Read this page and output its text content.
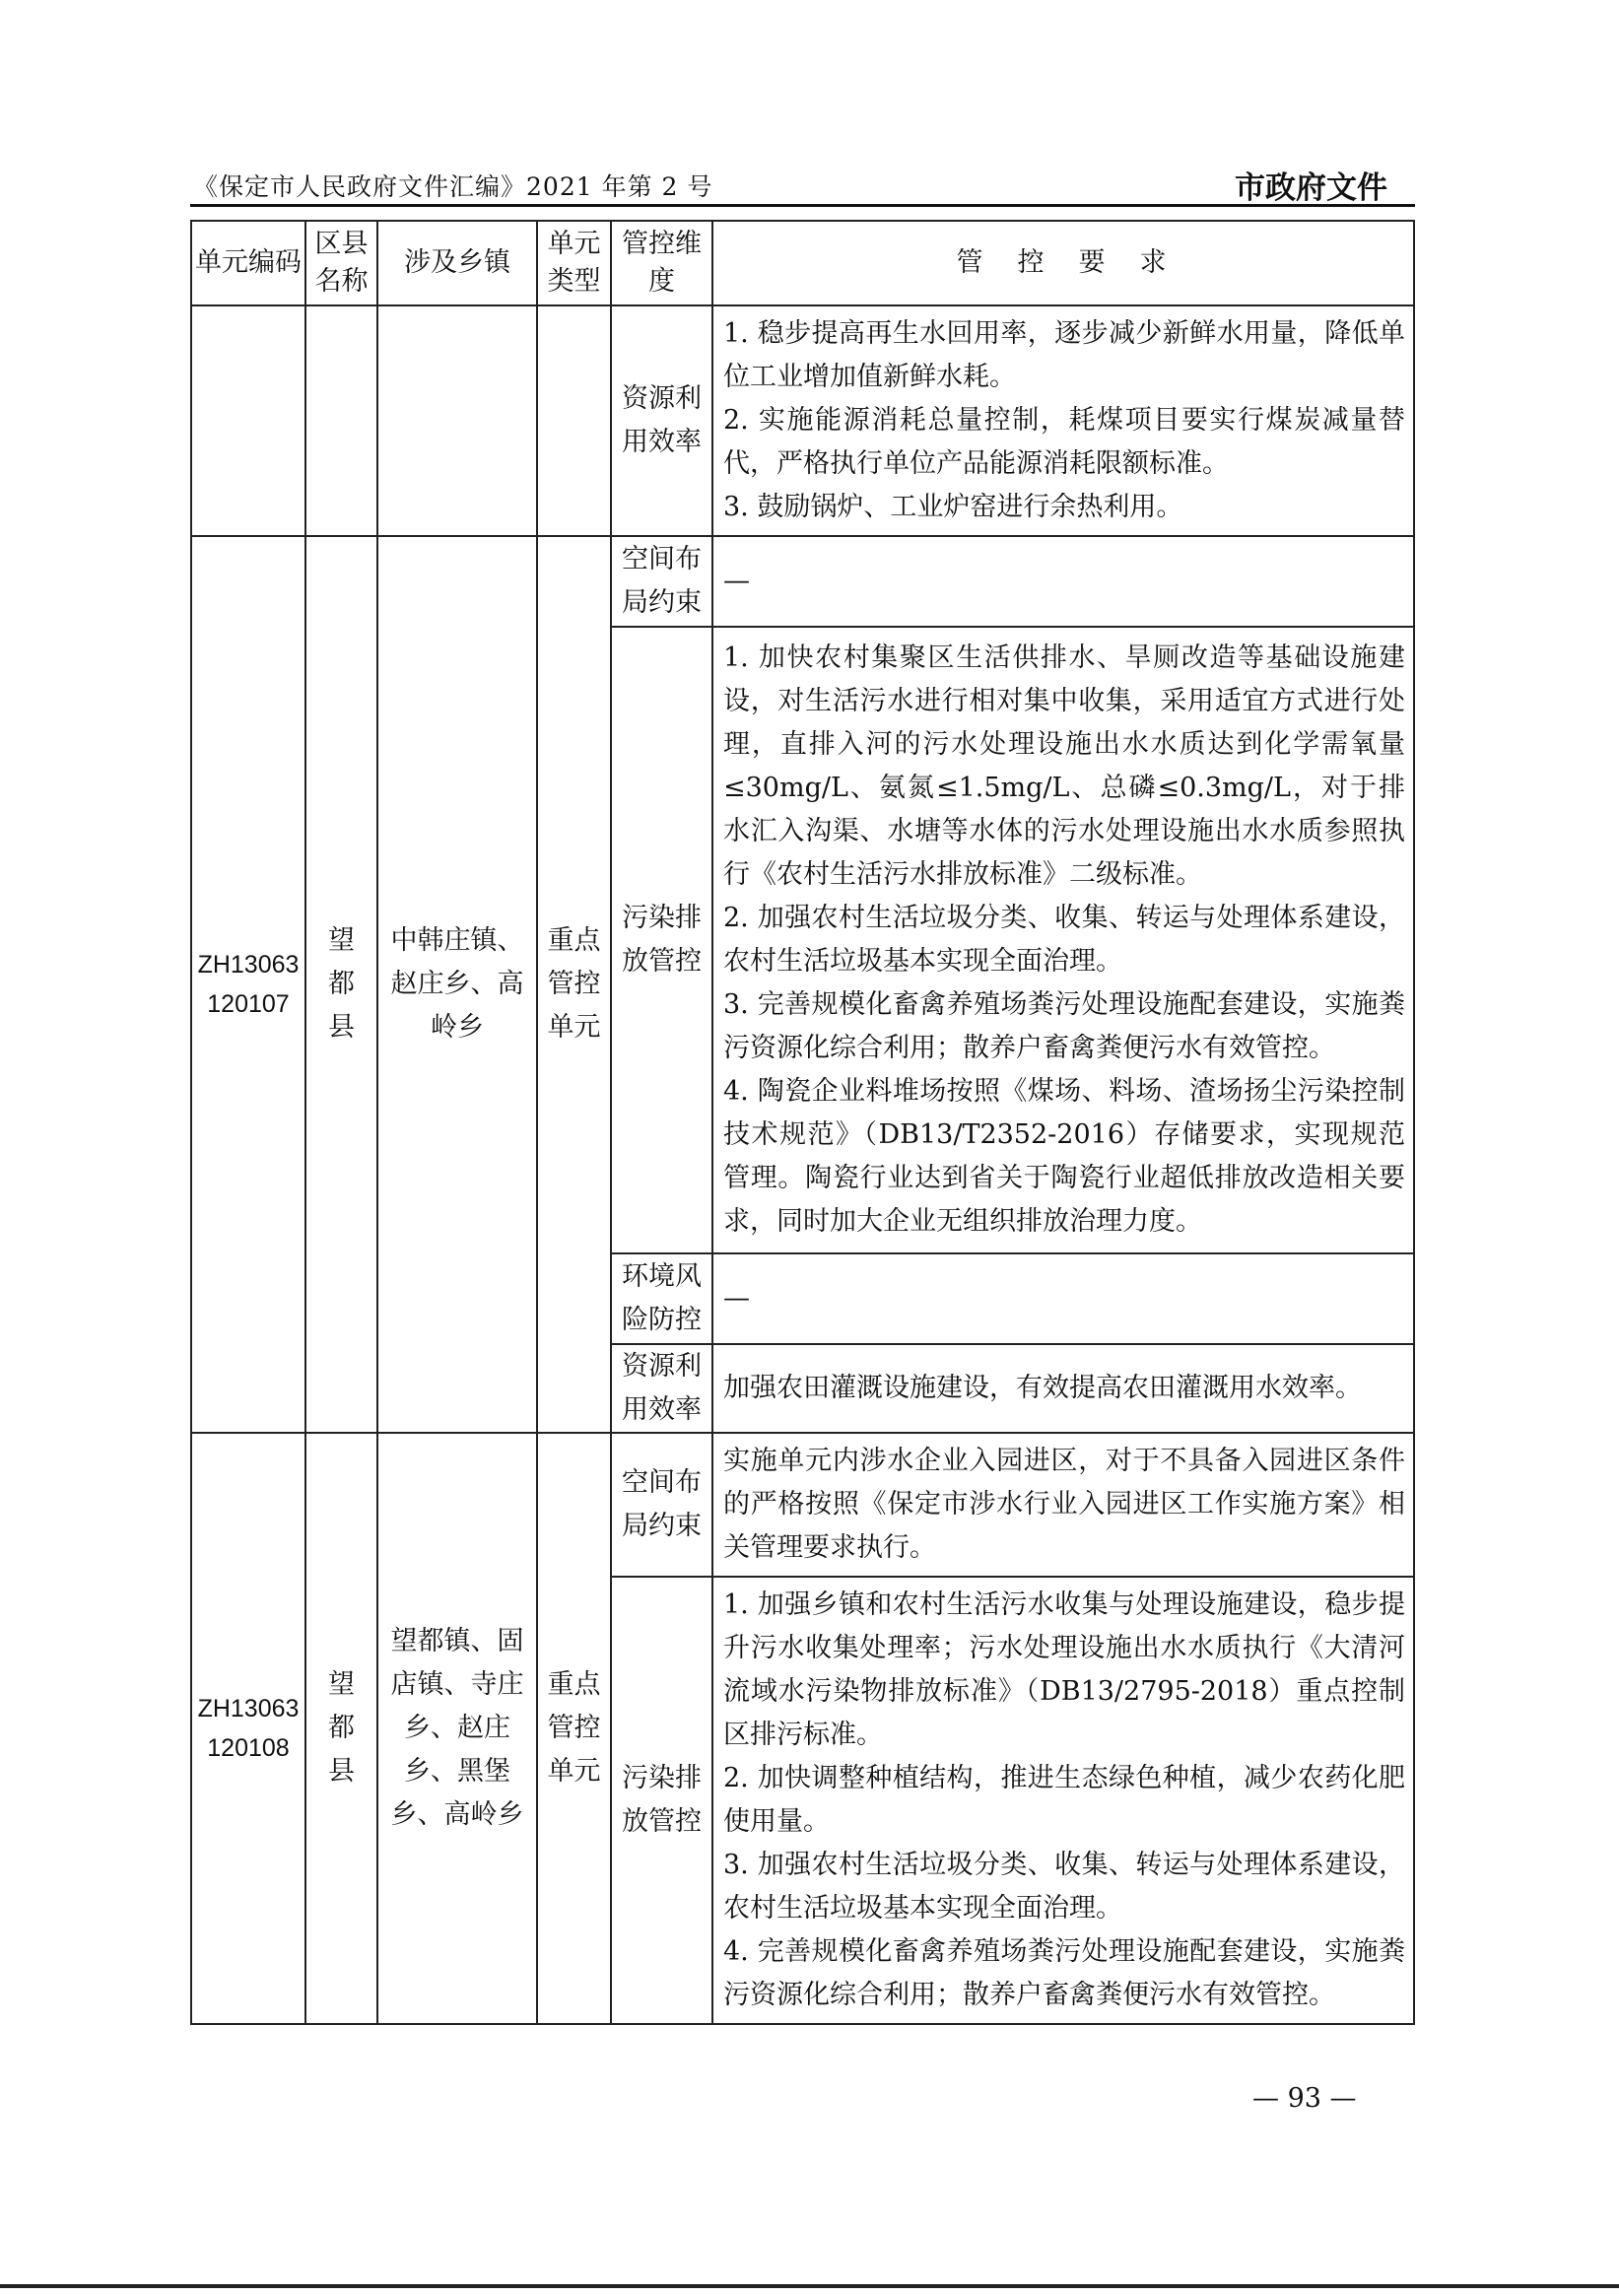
《保定市人民政府文件汇编》2021 年第 2 号	市政府文件
单元编码	区县名称	涉及乡镇	单元类型	管控维度	管　控　要　求
				资源利用效率	1. 稳步提高再生水回用率，逐步减少新鲜水用量，降低单位工业增加值新鲜水耗。
2. 实施能源消耗总量控制，耗煤项目要实行煤炭减量替代，严格执行单位产品能源消耗限额标准。
3. 鼓励锅炉、工业炉窑进行余热利用。

ZH13063120107	望都县	中韩庄镇、赵庄乡、高岭乡	重点管控单元	空间布局约束	—

				污染排放管控	1. 加快农村集聚区生活供排水、旱厕改造等基础设施建设，对生活污水进行相对集中收集，采用适宜方式进行处理，直排入河的污水处理设施出水水质达到化学需氧量≤30mg/L、氨氮≤1.5mg/L、总磷≤0.3mg/L，对于排水汇入沟渠、水塘等水体的污水处理设施出水水质参照执行《农村生活污水排放标准》二级标准。
2. 加强农村生活垃圾分类、收集、转运与处理体系建设，农村生活垃圾基本实现全面治理。
3. 完善规模化畜禽养殖场粪污处理设施配套建设，实施粪污资源化综合利用；散养户畜禽粪便污水有效管控。
4. 陶瓷企业料堆场按照《煤场、料场、渣场扬尘污染控制技术规范》（DB13/T2352-2016）存储要求，实现规范管理。陶瓷行业达到省关于陶瓷行业超低排放改造相关要求，同时加大企业无组织排放治理力度。

				环境风险防控	—

				资源利用效率	加强农田灌溉设施建设，有效提高农田灌溉用水效率。

ZH13063120108	望都县	望都镇、固店镇、寺庄乡、赵庄乡、黑堡乡、高岭乡	重点管控单元	空间布局约束	实施单元内涉水企业入园进区，对于不具备入园进区条件的严格按照《保定市涉水行业入园进区工作实施方案》相关管理要求执行。

				污染排放管控	1. 加强乡镇和农村生活污水收集与处理设施建设，稳步提升污水收集处理率；污水处理设施出水水质执行《大清河流域水污染物排放标准》（DB13/2795-2018）重点控制区排污标准。
2. 加快调整种植结构，推进生态绿色种植，减少农药化肥使用量。
3. 加强农村生活垃圾分类、收集、转运与处理体系建设，农村生活垃圾基本实现全面治理。
4. 完善规模化畜禽养殖场粪污处理设施配套建设，实施粪污资源化综合利用；散养户畜禽粪便污水有效管控。
— 93 —
